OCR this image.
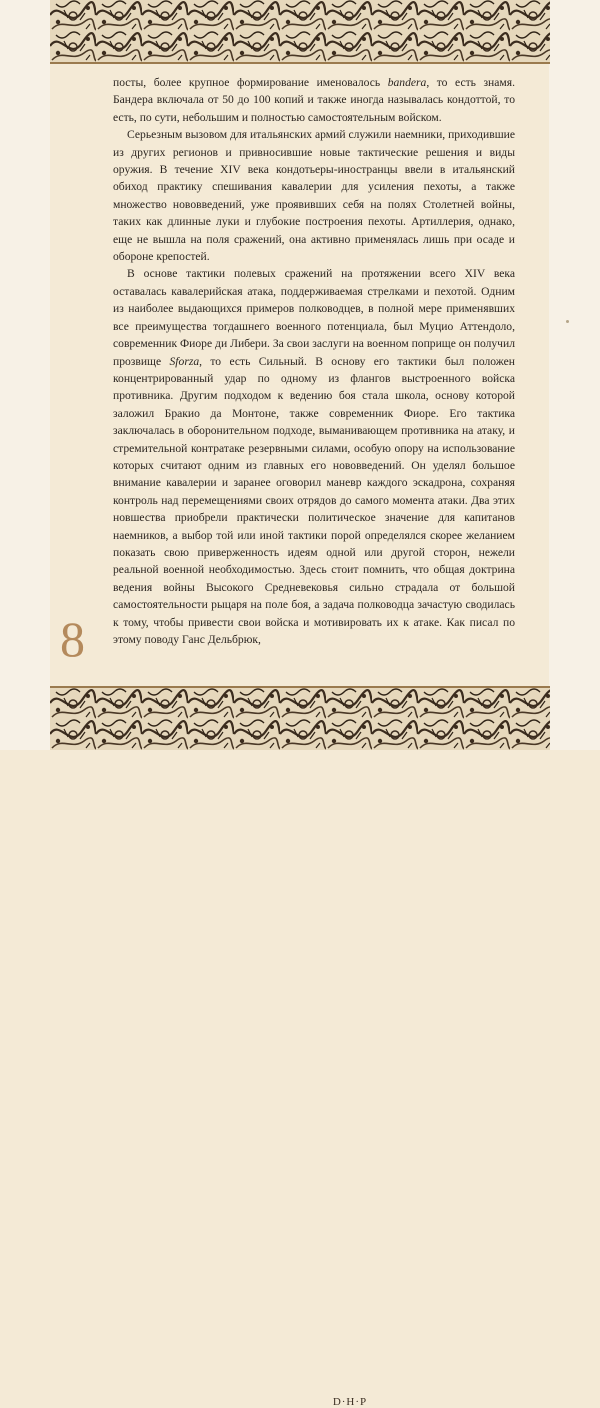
посты, более крупное формирование именовалось bandera, то есть знамя. Бандера включала от 50 до 100 копий и также иногда называлась кондоттой, то есть, по сути, небольшим и полностью самостоятельным войском.

Серьезным вызовом для итальянских армий служили наемники, приходившие из других регионов и привносившие новые тактические решения и виды оружия. В течение XIV века кондотьеры-иностранцы ввели в итальянский обиход практику спешивания кавалерии для усиления пехоты, а также множество нововведений, уже проявивших себя на полях Столетней войны, таких как длинные луки и глубокие построения пехоты. Артиллерия, однако, еще не вышла на поля сражений, она активно применялась лишь при осаде и обороне крепостей.

В основе тактики полевых сражений на протяжении всего XIV века оставалась кавалерийская атака, поддерживаемая стрелками и пехотой. Одним из наиболее выдающихся примеров полководцев, в полной мере применявших все преимущества тогдашнего военного потенциала, был Муцио Аттендоло, современник Фиоре ди Либери. За свои заслуги на военном поприще он получил прозвище Sforza, то есть Сильный. В основу его тактики был положен концентрированный удар по одному из флангов выстроенного войска противника. Другим подходом к ведению боя стала школа, основу которой заложил Бракио да Монтоне, также современник Фиоре. Его тактика заключалась в оборонительном подходе, выманивающем противника на атаку, и стремительной контратаке резервными силами, особую опору на использование которых считают одним из главных его нововведений. Он уделял большое внимание кавалерии и заранее оговорил маневр каждого эскадрона, сохраняя контроль над перемещениями своих отрядов до самого момента атаки. Два этих новшества приобрели практически политическое значение для капитанов наемников, а выбор той или иной тактики порой определялся скорее желанием показать свою приверженность идеям одной или другой сторон, нежели реальной военной необходимостью. Здесь стоит помнить, что общая доктрина ведения войны Высокого Средневековья сильно страдала от большой самостоятельности рыцаря на поле боя, а задача полководца зачастую сводилась к тому, чтобы привести свои войска и мотивировать их к атаке. Как писал по этому поводу Ганс Дельбрюк,

8
D·H·P
